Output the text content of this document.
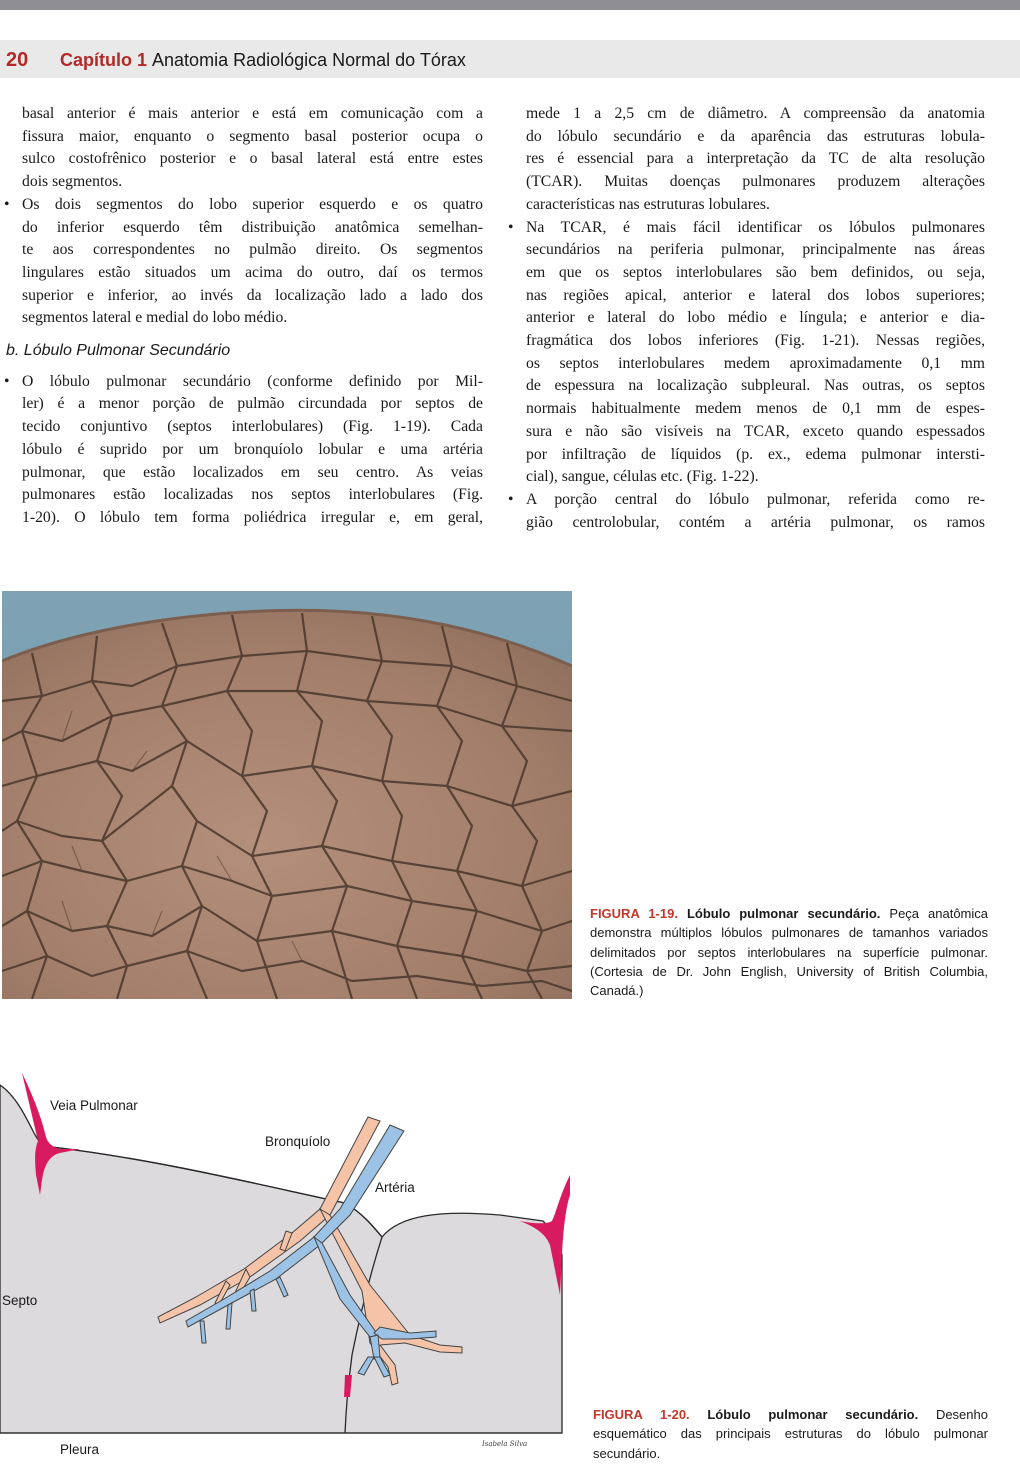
20 Capítulo 1 Anatomia Radiológica Normal do Tórax

basal anterior é mais anterior e está em comunicação com a
fissura maior, enquanto o segmento basal posterior ocupa o
sulco costofrênico posterior e o basal lateral está entre estes
dois segmentos.

• Os dois segmentos do lobo superior esquerdo e os quatro
do inferior esquerdo têm distribuição anatômica semelhan-
te aos correspondentes no pulmão direito. Os segmentos
lingulares estão situados um acima do outro, daí os termos
superior e inferior, ao invés da localização lado a lado dos
segmentos lateral e medial do lobo médio.

b. Lóbulo Pulmonar Secundário

• O lóbulo pulmonar secundário (conforme definido por Mil-
ler) é a menor porção de pulmão circundada por septos de
tecido conjuntivo (septos interlobulares) (Fig. 1-19). Cada
lóbulo é suprido por um bronquíolo lobular e uma artéria
pulmonar, que estão localizados em seu centro. As veias
pulmonares estão localizadas nos septos interlobulares (Fig.
1-20). O lóbulo tem forma poliédrica irregular e, em geral,

mede 1 a 2,5 cm de diâmetro. A compreensão da anatomia
do lóbulo secundário e da aparência das estruturas lobula-
res é essencial para a interpretação da TC de alta resolução
(TCAR). Muitas doenças pulmonares produzem alterações
características nas estruturas lobulares.

• Na TCAR, é mais fácil identificar os lóbulos pulmonares
secundários na periferia pulmonar, principalmente nas áreas
em que os septos interlobulares são bem definidos, ou seja,
nas regiões apical, anterior e lateral dos lobos superiores;
anterior e lateral do lobo médio e língula; e anterior e dia-
fragmática dos lobos inferiores (Fig. 1-21). Nessas regiões,
os septos interlobulares medem aproximadamente 0,1 mm
de espessura na localização subpleural. Nas outras, os septos
normais habitualmente medem menos de 0,1 mm de espes-
sura e não são visíveis na TCAR, exceto quando espessados
por infiltração de líquidos (p. ex., edema pulmonar intersti-
cial), sangue, células etc. (Fig. 1-22).

• A porção central do lóbulo pulmonar, referida como re-
gião centrolobular, contém a artéria pulmonar, os ramos

FIGURA 1-19. Lóbulo pulmonar secundário. Peça anatômica demonstra múltiplos lóbulos pulmonares de tamanhos variados delimitados por septos interlobulares na superfície pulmonar. (Cortesia de Dr. John English, University of British Columbia, Canadá.)
Veia Pulmonar
Bronquíolo
Artéria
Septo
Pleura	Isabela Silva
FIGURA 1-20. Lóbulo pulmonar secundário. Desenho esquemático das principais estruturas do lóbulo pulmonar secundário.
